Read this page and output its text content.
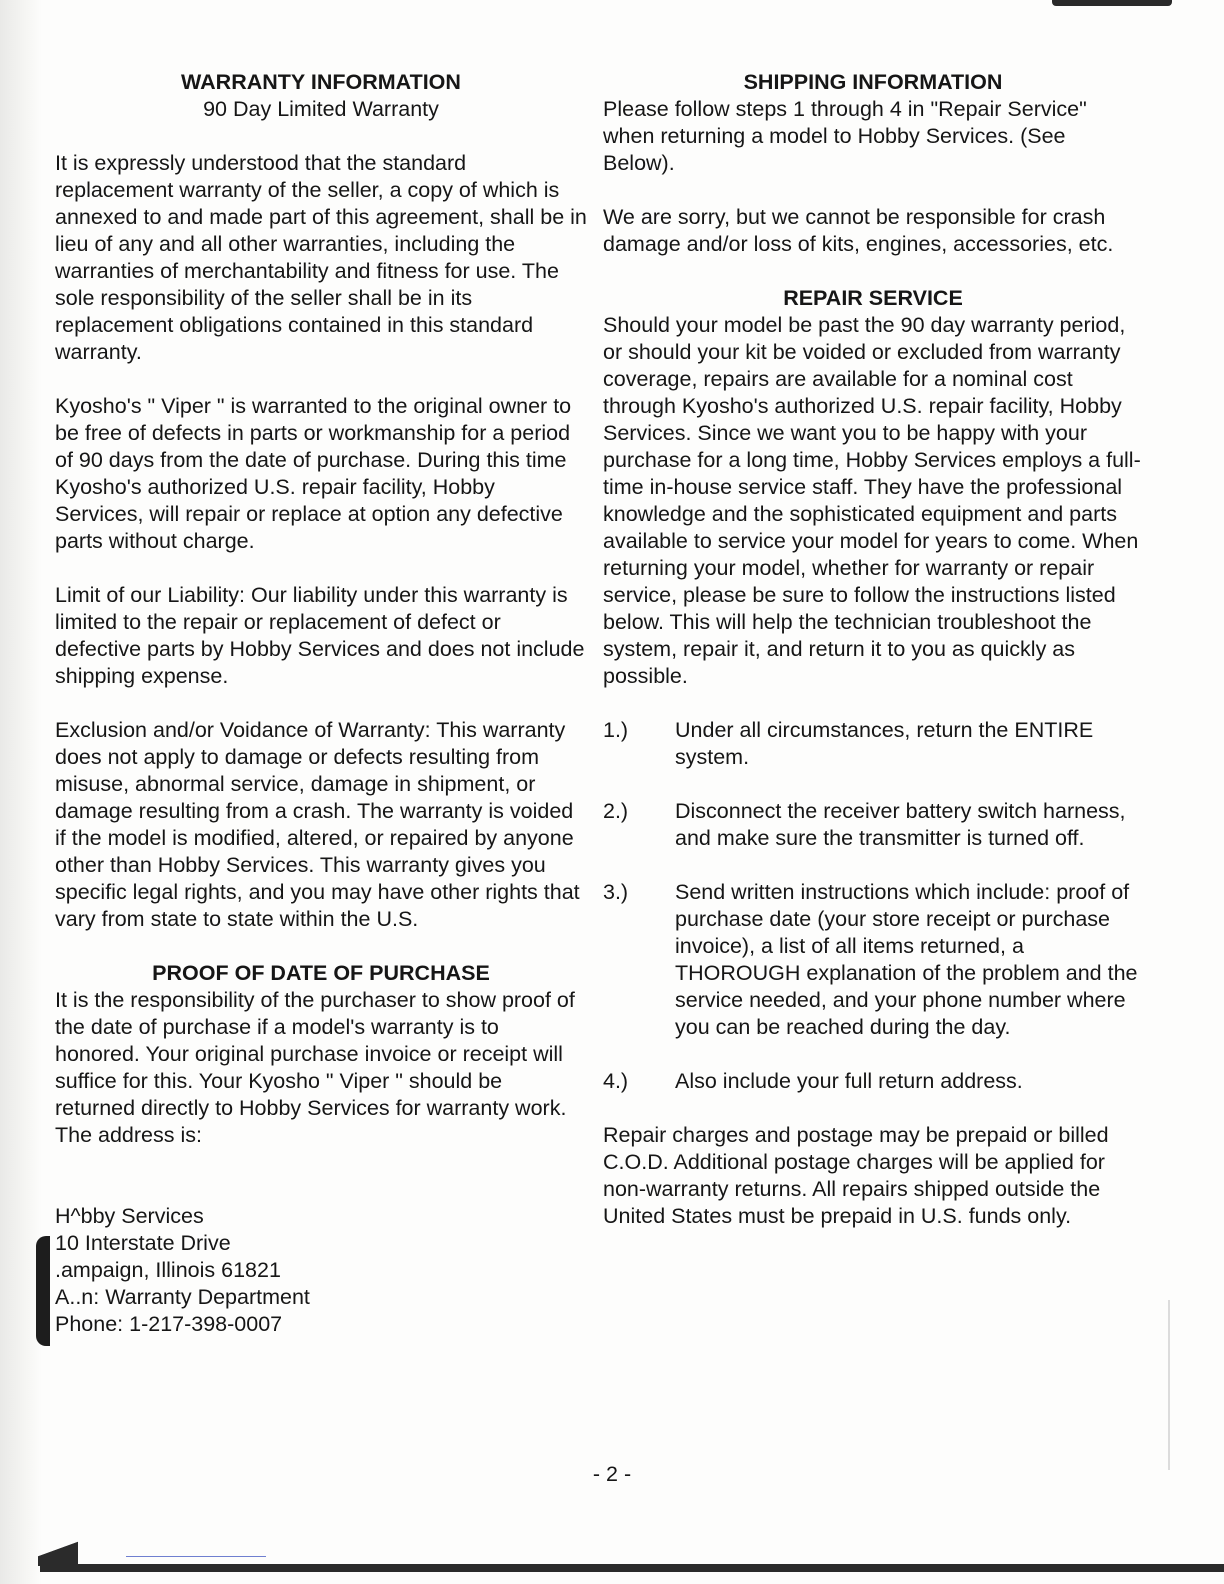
WARRANTY INFORMATION
90 Day Limited Warranty

It is expressly understood that the standard replacement warranty of the seller, a copy of which is annexed to and made part of this agreement, shall be in lieu of any and all other warranties, including the warranties of merchantability and fitness for use. The sole responsibility of the seller shall be in its replacement obligations contained in this standard warranty.

Kyosho's " Viper " is warranted to the original owner to be free of defects in parts or workmanship for a period of 90 days from the date of purchase. During this time Kyosho's authorized U.S. repair facility, Hobby Services, will repair or replace at option any defective parts without charge.

Limit of our Liability: Our liability under this warranty is limited to the repair or replacement of defect or defective parts by Hobby Services and does not include shipping expense.

Exclusion and/or Voidance of Warranty: This warranty does not apply to damage or defects resulting from misuse, abnormal service, damage in shipment, or damage resulting from a crash. The warranty is voided if the model is modified, altered, or repaired by anyone other than Hobby Services. This warranty gives you specific legal rights, and you may have other rights that vary from state to state within the U.S.

PROOF OF DATE OF PURCHASE

It is the responsibility of the purchaser to show proof of the date of purchase if a model's warranty is to honored. Your original purchase invoice or receipt will suffice for this. Your Kyosho " Viper " should be returned directly to Hobby Services for warranty work. The address is:

H^bby Services
10 Interstate Drive
.ampaign, Illinois 61821
A..n: Warranty Department
Phone: 1-217-398-0007
SHIPPING INFORMATION

Please follow steps 1 through 4 in "Repair Service" when returning a model to Hobby Services. (See Below).

We are sorry, but we cannot be responsible for crash damage and/or loss of kits, engines, accessories, etc.

REPAIR SERVICE

Should your model be past the 90 day warranty period, or should your kit be voided or excluded from warranty coverage, repairs are available for a nominal cost through Kyosho's authorized U.S. repair facility, Hobby Services. Since we want you to be happy with your purchase for a long time, Hobby Services employs a full-time in-house service staff. They have the professional knowledge and the sophisticated equipment and parts available to service your model for years to come. When returning your model, whether for warranty or repair service, please be sure to follow the instructions listed below. This will help the technician troubleshoot the system, repair it, and return it to you as quickly as possible.

1.) Under all circumstances, return the ENTIRE system.
2.) Disconnect the receiver battery switch harness, and make sure the transmitter is turned off.
3.) Send written instructions which include: proof of purchase date (your store receipt or purchase invoice), a list of all items returned, a THOROUGH explanation of the problem and the service needed, and your phone number where you can be reached during the day.
4.) Also include your full return address.

Repair charges and postage may be prepaid or billed C.O.D. Additional postage charges will be applied for non-warranty returns. All repairs shipped outside the United States must be prepaid in U.S. funds only.

- 2 -
